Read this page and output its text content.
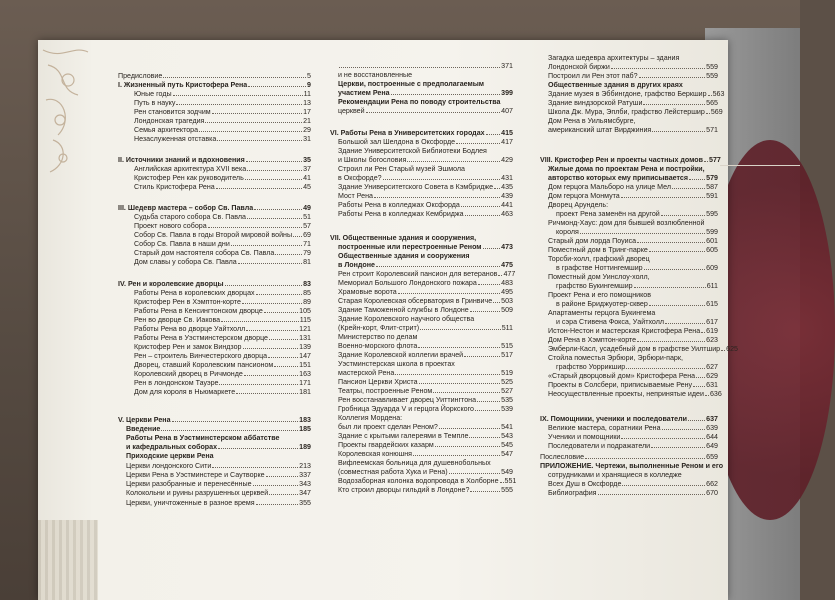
Предисловие	5
I. Жизненный путь Кристофера Рена	9
Юные годы	11
Путь в науку	13
Рен становится зодчим	17
Лондонская трагедия	21
Семья архитектора	29
Незаслуженная отставка	31
II. Источники знаний и вдохновения	35
Английская архитектура XVII века	37
Кристофер Рен как руководитель	41
Стиль Кристофера Рена	45
III. Шедевр мастера – собор Св. Павла	49
Судьба старого собора Св. Павла	51
Проект нового собора	57
Собор Св. Павла в годы Второй мировой войны 69
Собор Св. Павла в наши дни	71
Старый дом настоятеля собора Св. Павла	79
Дом славы у собора Св. Павла	81
IV. Рен и королевские дворцы	83
Работы Рена в королевских дворцах	85
Кристофер Рен в Хэмптон-корте	89
Работы Рена в Кенсингтонском дворце	105
Рен во дворце Св. Иакова	115
Работы Рена во дворце Уайтхолл	121
Работы Рена в Уэстминстерском дворце	131
Кристофер Рен и замок Виндзор	139
Рен – строитель Винчестерского дворца	147
Дворец, ставший Королевским пансионом	151
Королевский дворец в Ричмонде	163
Рен в лондонском Тауэре	171
Дом для короля в Ньюмаркете	181
V. Церкви Рена	183
Введение	185
Работы Рена в Уэстминстерском аббатстве
и кафедральных соборах	189
Приходские церкви Рена
Церкви лондонского Сити	213
Церкви Рена в Уэстминстере и Саутворке	337
Церкви разобранные и перенесённые	343
Колокольни и руины разрушенных церквей	347
Церкви, уничтоженные в разное время	355
371
и не восстановленные
Церкви, построенные с предполагаемым
участием Рена	399
Рекомендации Рена по поводу строительства
церквей	407
VI. Работы Рена в Университетских городах 415
Большой зал Шелдона в Оксфорде	417
Здание Университетской Библиотеки Бодлея
и Школы богословия	429
Строил ли Рен Старый музей Эшмола
в Оксфорде?	431
Здание Университетского Совета в Кэмбридже 435
Мост Рена	439
Работы Рена в колледжах Оксфорда	441
Работы Рена в колледжах Кембриджа	463
VII. Общественные здания и сооружения,
построенные или перестроенные Реном	473
Общественные здания и сооружения
в Лондоне	475
Рен строит Королевский пансион для ветеранов 477
Мемориал Большого Лондонского пожара	483
Храмовые ворота	495
Старая Королевская обсерватория в Гринвиче 503
Здание Таможенной службы в Лондоне	509
Здание Королевского научного общества
(Крейн-корт, Флит-стрит)	511
Министерство по делам
Военно-морского флота	515
Здание Королевской коллегии врачей	517
Уэстминстерская школа в проектах
мастерской Рена	519
Пансион Церкви Христа	525
Театры, построенные Реном	527
Рен восстанавливает дворец Уиттингтона	535
Гробница Эдуарда V и герцога Йоркского	539
Коллегия Мордена:
был ли проект сделан Реном?	541
Здание с крытыми галереями в Темпле	543
Проекты гвардейских казарм	545
Королевская конюшня	547
Вифлеемская больница для душевнобольных
(совместная работа Хука и Рена)	549
Водозаборная колонка водопровода в Холборне 551
Кто строил дворцы гильдий в Лондоне?	555
Загадка шедевра архитектуры – здания
Лондонской биржи	559
Построил ли Рен этот паб?	559
Общественные здания в других краях
Здание музея в Эббингдоне, графство Беркшир 563
Здание виндзорской Ратуши	565
Школа Дж. Мура, Эплби, графство Лейстершир 569
Дом Рена в Уильямсбурге,
американский штат Вирджиния	571
VIII. Кристофер Рен и проекты частных домов 577
Жилые дома по проектам Рена и постройки,
авторство которых ему приписывается	579
Дом герцога Мальборо на улице Мел	587
Дом герцога Монмута	591
Дворец Арундель:
проект Рена заменён на другой	595
Ричмонд-Хаус: дом для бывшей возлюбленной
короля	599
Старый дом лорда Поуиса	601
Поместный дом в Тринг-парке	605
Торсби-холл, графский дворец
в графстве Ноттингемшир	609
Поместный дом Уинслоу-холл,
графство Букингемшир	611
Проект Рена и его помощников
в районе Бриджуотер-сквер	615
Апартаменты герцога Букингема
и сэра Стивена Фокса, Уайтхолл	617
Истон-Нестон и мастерская Кристофера Рена 619
Дом Рена в Хэмптон-корте	623
Эмберли-Касл, усадебный дом в графстве Уилтшир 625
Стойла поместья Эрбюри, Эрбюри-парк,
графство Уоррикшир	627
«Старый дворцовый дом» Кристофера Рена 629
Проекты в Солсбери, приписываемые Рену 631
Неосуществленные проекты, непринятые идеи 636
IX. Помощники, ученики и последователи	637
Великие мастера, соратники Рена	639
Ученики и помощники	644
Последователи и подражатели	649
Послесловие	659
ПРИЛОЖЕНИЕ. Чертежи, выполненные Реном и его
сотрудниками и хранящиеся в колледже
Всех Душ в Оксфорде	662
Библиография	670
